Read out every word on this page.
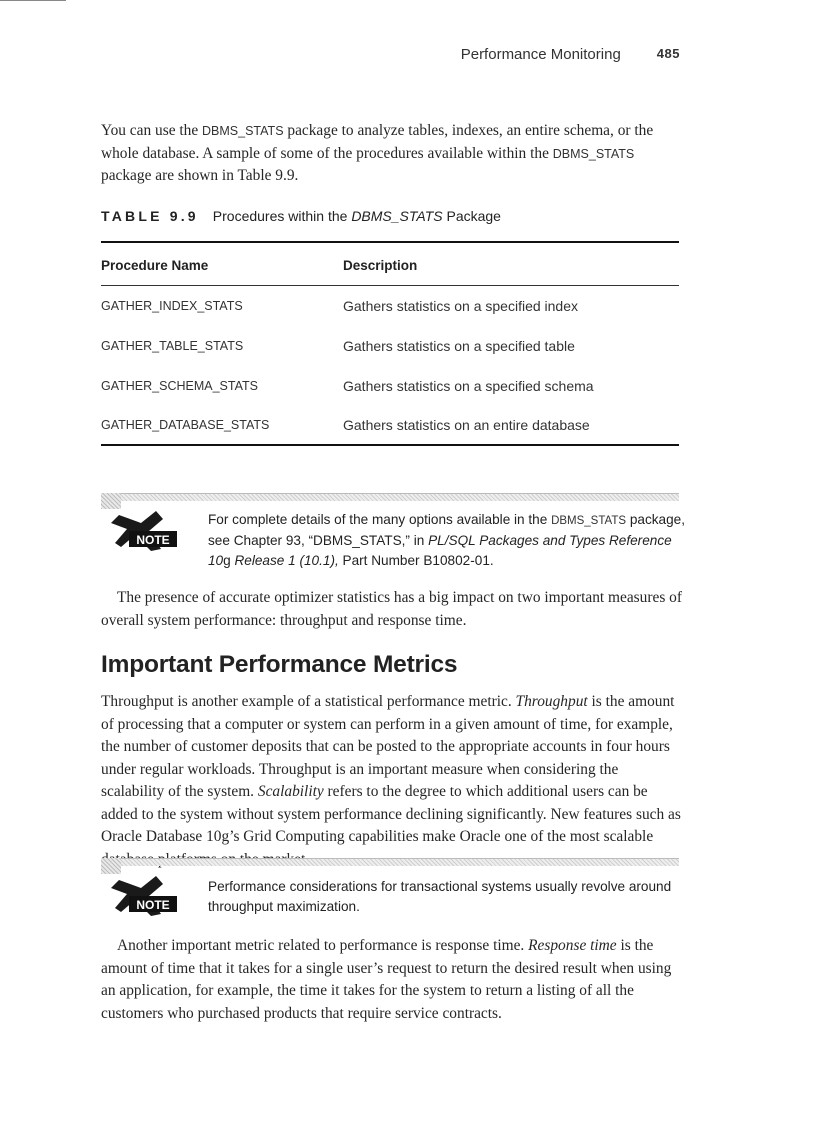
Performance Monitoring	485

You can use the DBMS_STATS package to analyze tables, indexes, an entire schema, or the whole database. A sample of some of the procedures available within the DBMS_STATS package are shown in Table 9.9.

TABLE 9.9 Procedures within the DBMS_STATS Package
Procedure Name	Description
GATHER_INDEX_STATS	Gathers statistics on a specified index
GATHER_TABLE_STATS	Gathers statistics on a specified table
GATHER_SCHEMA_STATS	Gathers statistics on a specified schema
GATHER_DATABASE_STATS	Gathers statistics on an entire database
NOTE
For complete details of the many options available in the DBMS_STATS package, see Chapter 93, “DBMS_STATS,” in PL/SQL Packages and Types Reference 10g Release 1 (10.1), Part Number B10802-01.

The presence of accurate optimizer statistics has a big impact on two important measures of overall system performance: throughput and response time.

Important Performance Metrics

Throughput is another example of a statistical performance metric. Throughput is the amount of processing that a computer or system can perform in a given amount of time, for example, the number of customer deposits that can be posted to the appropriate accounts in four hours under regular workloads. Throughput is an important measure when considering the scalability of the system. Scalability refers to the degree to which additional users can be added to the system without system performance declining significantly. New features such as Oracle Database 10g’s Grid Computing capabilities make Oracle one of the most scalable

NOTE
Performance considerations for transactional systems usually revolve around throughput maximization.

Another important metric related to performance is response time. Response time is the amount of time that it takes for a single user’s request to return the desired result when using an application, for example, the time it takes for the system to return a listing of all the customers who purchased products that require service contracts.
